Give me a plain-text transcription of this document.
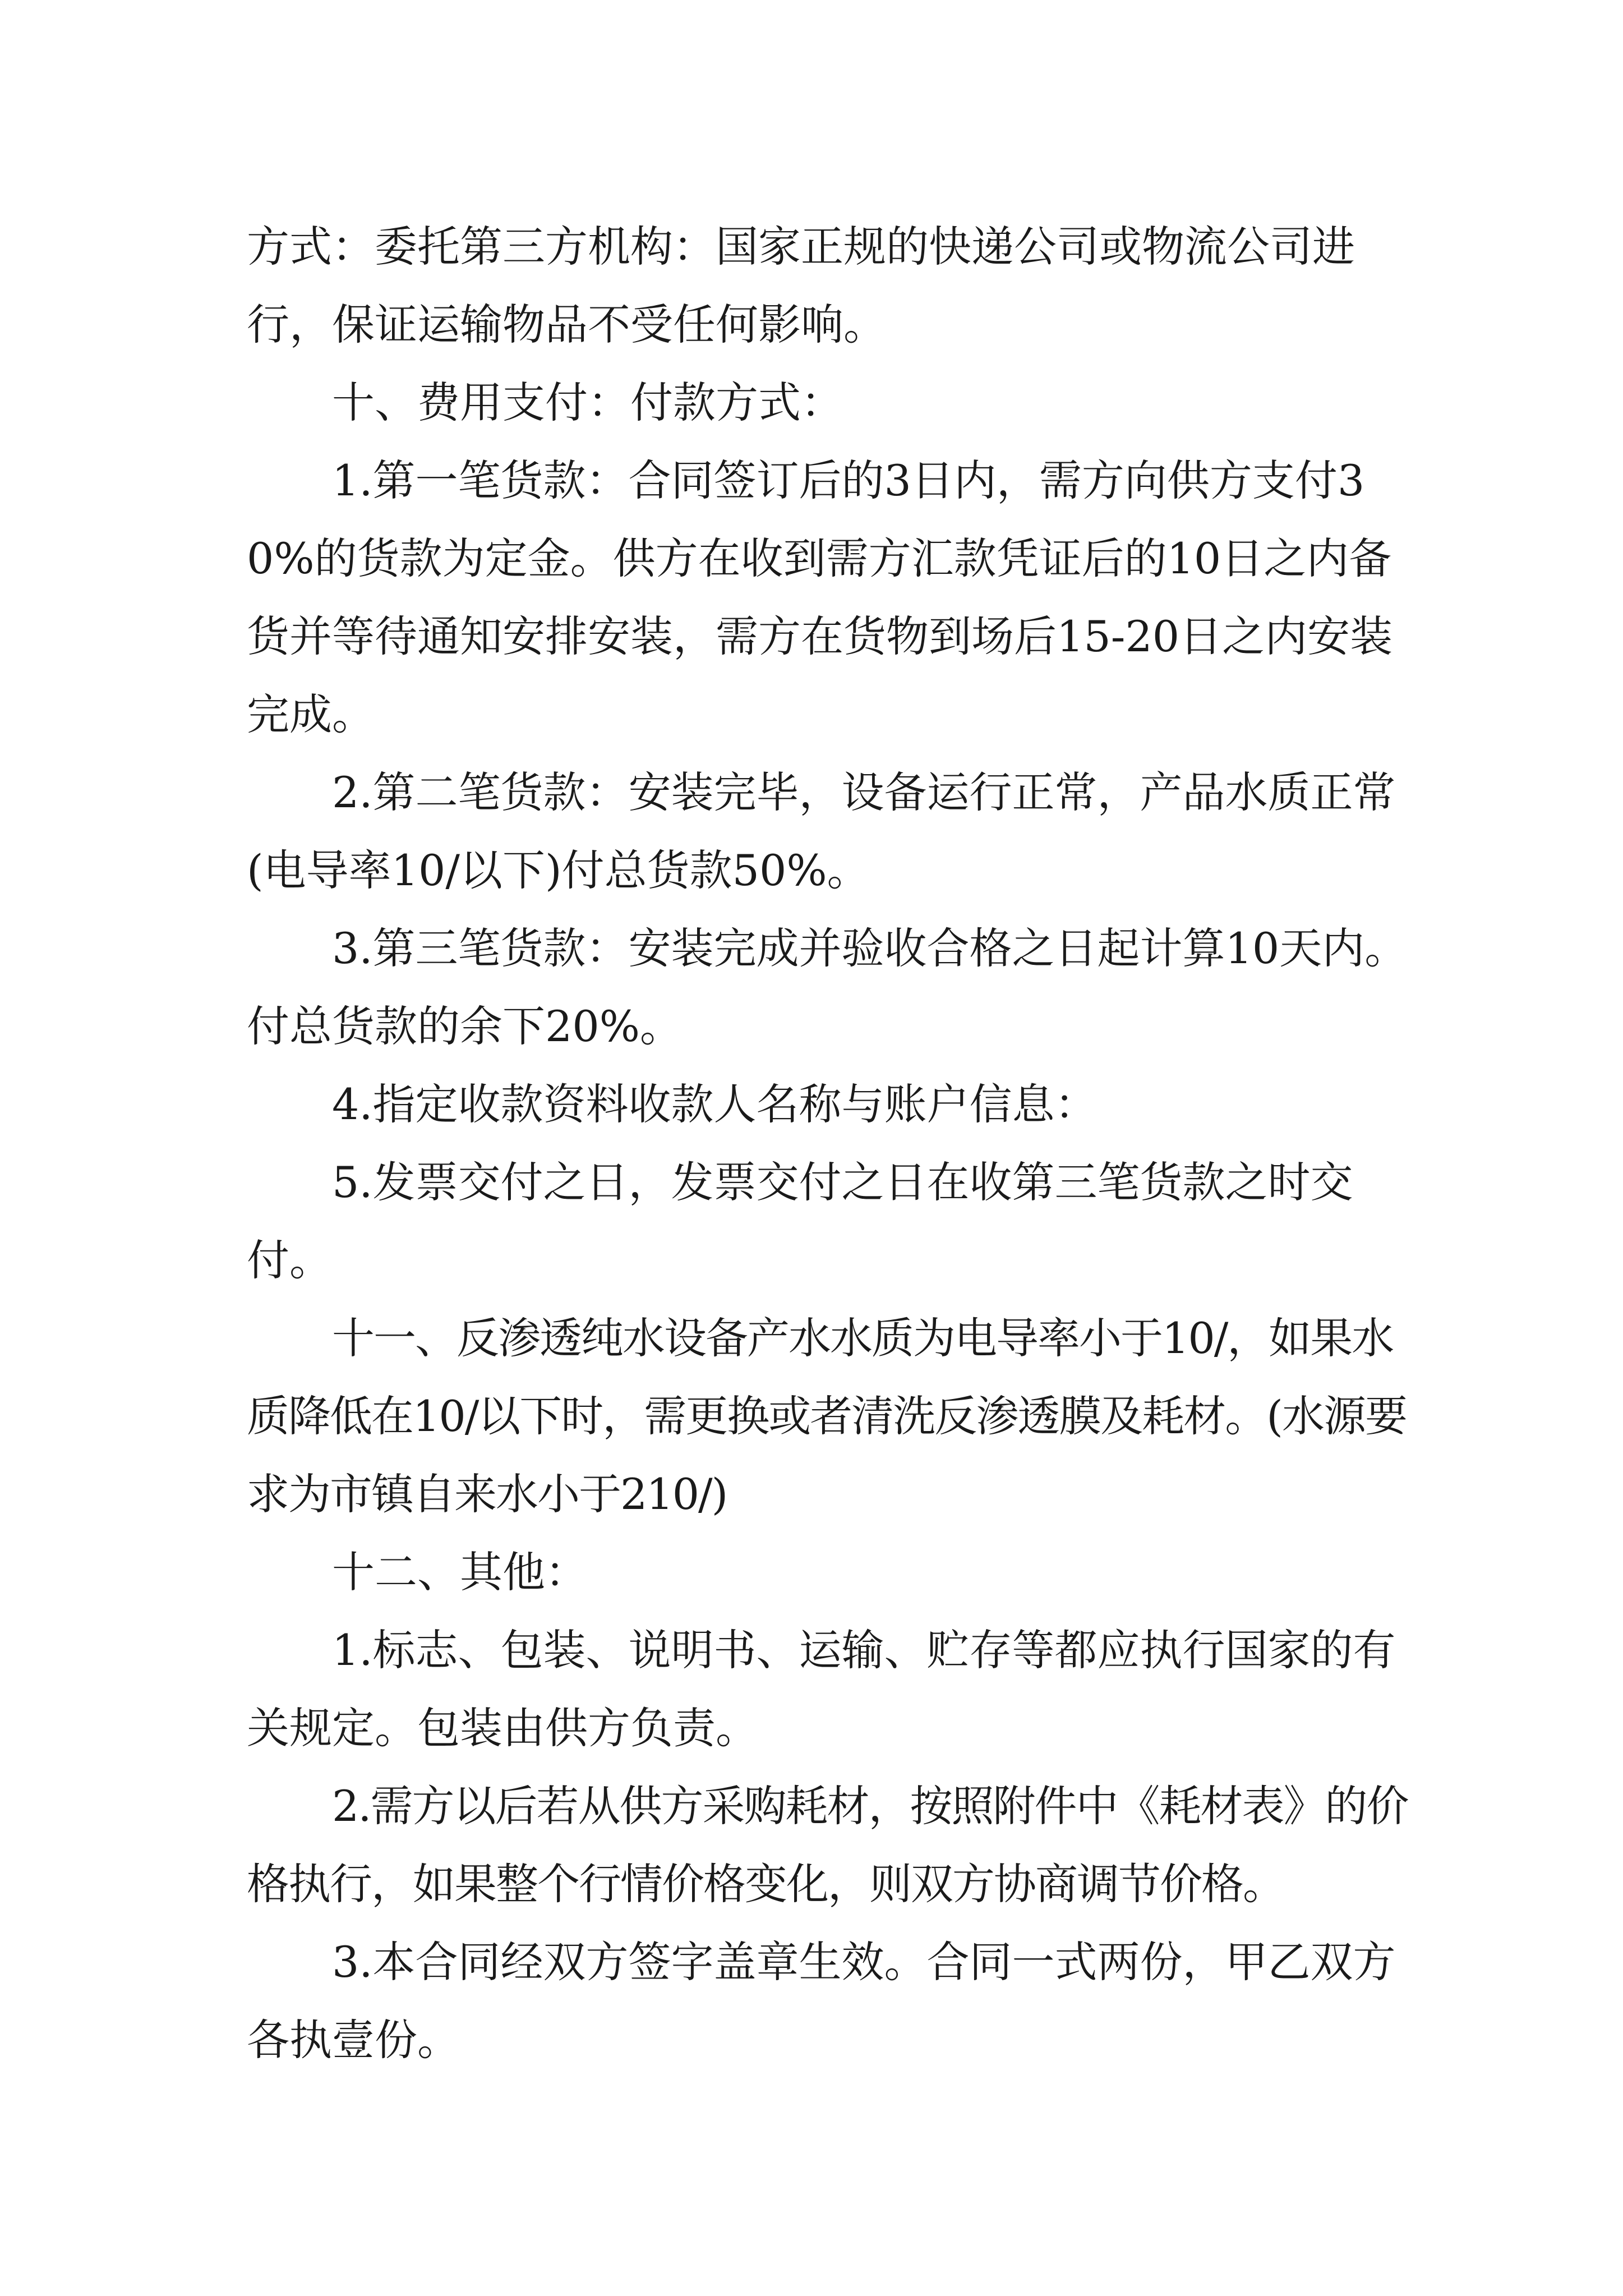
方式：委托第三方机构：国家正规的快递公司或物流公司进行，保证运输物品不受任何影响。

十、费用支付：付款方式：

1.第一笔货款：合同签订后的3日内，需方向供方支付30%的货款为定金。供方在收到需方汇款凭证后的10日之内备货并等待通知安排安装，需方在货物到场后15-20日之内安装完成。

2.第二笔货款：安装完毕，设备运行正常，产品水质正常(电导率10/以下)付总货款50%。

3.第三笔货款：安装完成并验收合格之日起计算10天内。付总货款的余下20%。

4.指定收款资料收款人名称与账户信息：

5.发票交付之日，发票交付之日在收第三笔货款之时交付。

十一、反渗透纯水设备产水水质为电导率小于10/，如果水质降低在10/以下时，需更换或者清洗反渗透膜及耗材。(水源要求为市镇自来水小于210/)

十二、其他：

1.标志、包装、说明书、运输、贮存等都应执行国家的有关规定。包装由供方负责。

2.需方以后若从供方采购耗材，按照附件中《耗材表》的价格执行，如果整个行情价格变化，则双方协商调节价格。

3.本合同经双方签字盖章生效。合同一式两份，甲乙双方各执壹份。
